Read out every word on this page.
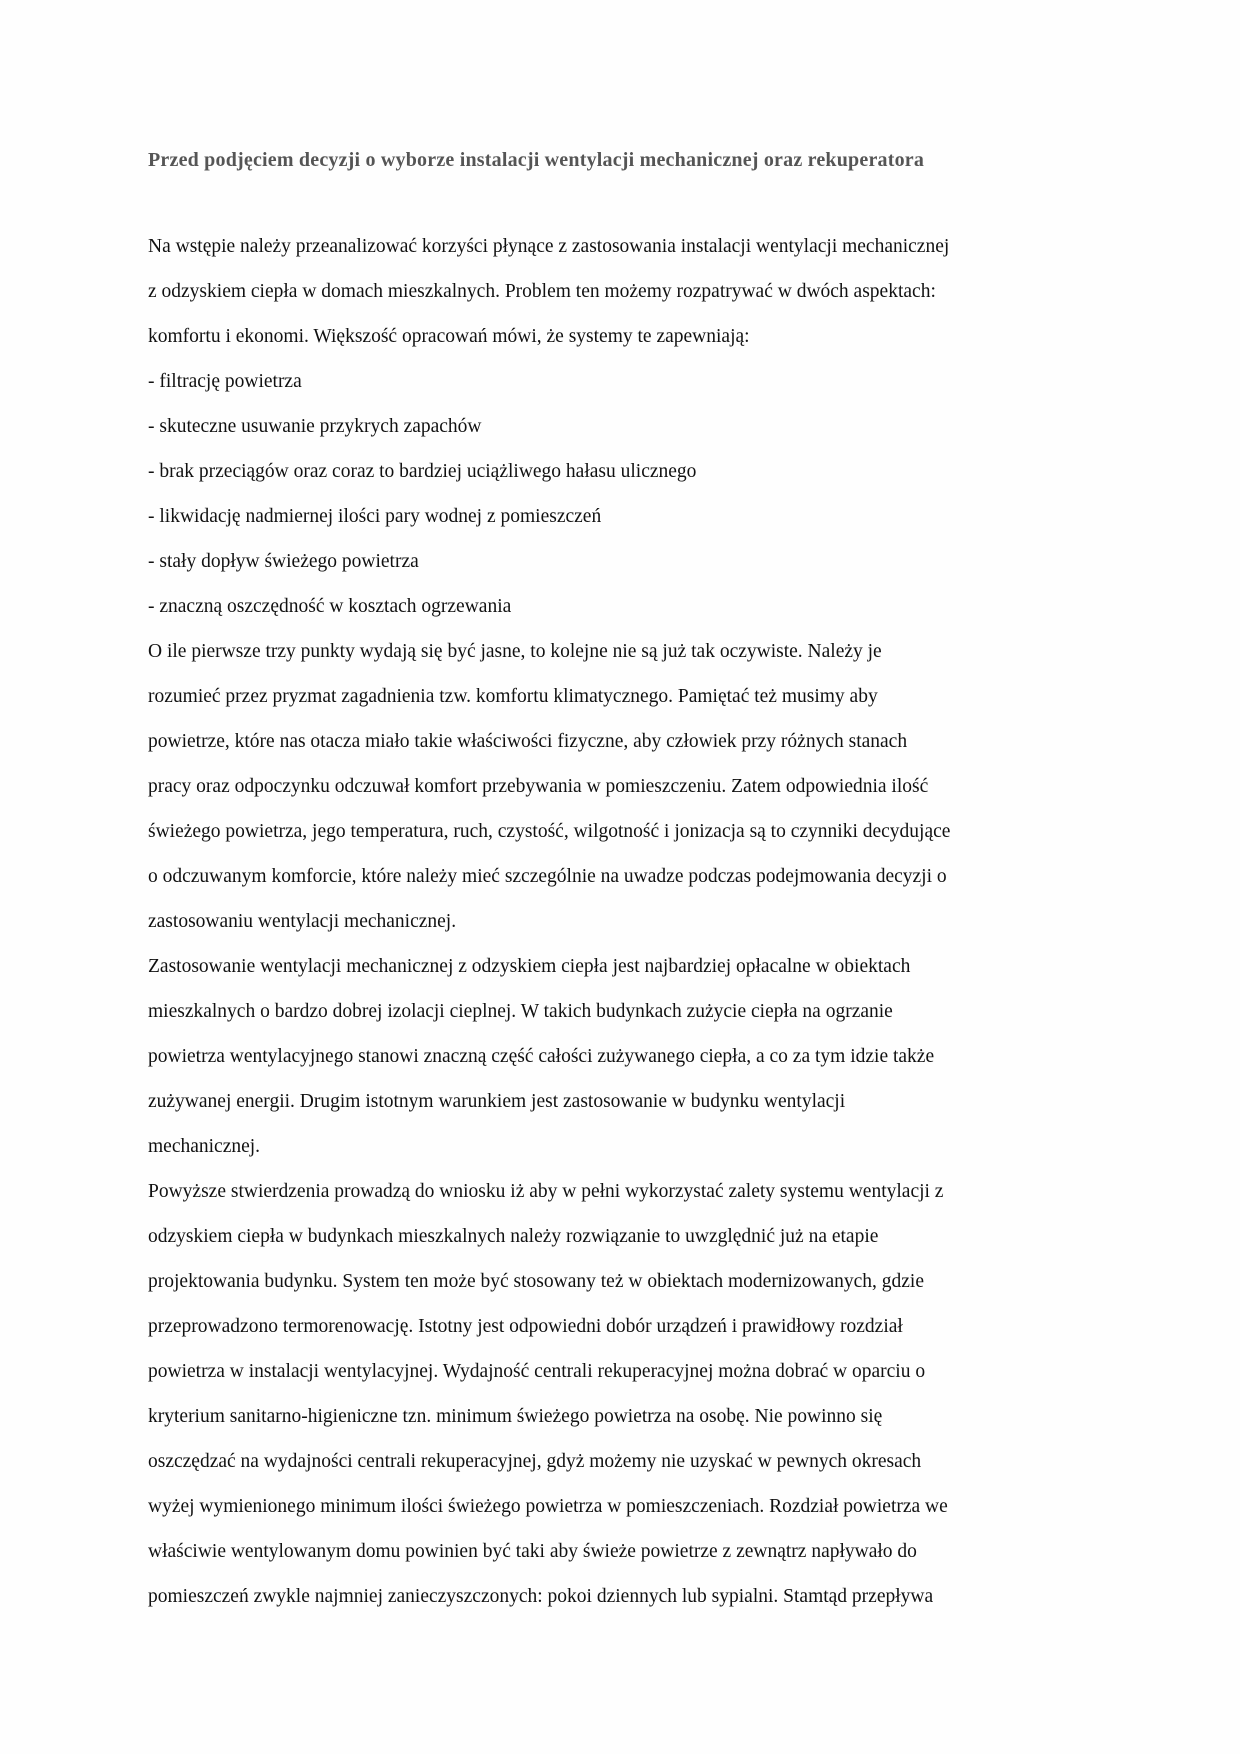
Przed podjęciem decyzji o wyborze instalacji wentylacji mechanicznej oraz rekuperatora
Na wstępie należy przeanalizować korzyści płynące z zastosowania instalacji wentylacji mechanicznej
z odzyskiem ciepła w domach mieszkalnych. Problem ten możemy rozpatrywać w dwóch aspektach:
komfortu i ekonomi. Większość opracowań mówi, że systemy te zapewniają:
- filtrację powietrza
- skuteczne usuwanie przykrych zapachów
- brak przeciągów oraz coraz to bardziej uciążliwego hałasu ulicznego
- likwidację nadmiernej ilości pary wodnej z pomieszczeń
- stały dopływ świeżego powietrza
- znaczną oszczędność w kosztach ogrzewania
O ile pierwsze trzy punkty wydają się być jasne, to kolejne nie są już tak oczywiste. Należy je
rozumieć przez pryzmat zagadnienia tzw. komfortu klimatycznego. Pamiętać też musimy aby
powietrze, które nas otacza miało takie właściwości fizyczne, aby człowiek przy różnych stanach
pracy oraz odpoczynku odczuwał komfort przebywania w pomieszczeniu. Zatem odpowiednia ilość
świeżego powietrza, jego temperatura, ruch, czystość, wilgotność i jonizacja są to czynniki decydujące
o odczuwanym komforcie, które należy mieć szczególnie na uwadze podczas podejmowania decyzji o
zastosowaniu wentylacji mechanicznej.
Zastosowanie wentylacji mechanicznej z odzyskiem ciepła jest najbardziej opłacalne w obiektach
mieszkalnych o bardzo dobrej izolacji cieplnej. W takich budynkach zużycie ciepła na ogrzanie
powietrza wentylacyjnego stanowi znaczną część całości zużywanego ciepła, a co za tym idzie także
zużywanej energii. Drugim istotnym warunkiem jest zastosowanie w budynku wentylacji
mechanicznej.
Powyższe stwierdzenia prowadzą do wniosku iż aby w pełni wykorzystać zalety systemu wentylacji z
odzyskiem ciepła w budynkach mieszkalnych należy rozwiązanie to uwzględnić już na etapie
projektowania budynku. System ten może być stosowany też w obiektach modernizowanych, gdzie
przeprowadzono termorenowację. Istotny jest odpowiedni dobór urządzeń i prawidłowy rozdział
powietrza w instalacji wentylacyjnej. Wydajność centrali rekuperacyjnej można dobrać w oparciu o
kryterium sanitarno-higieniczne tzn. minimum świeżego powietrza na osobę. Nie powinno się
oszczędzać na wydajności centrali rekuperacyjnej, gdyż możemy nie uzyskać w pewnych okresach
wyżej wymienionego minimum ilości świeżego powietrza w pomieszczeniach. Rozdział powietrza we
właściwie wentylowanym domu powinien być taki aby świeże powietrze z zewnątrz napływało do
pomieszczeń zwykle najmniej zanieczyszczonych: pokoi dziennych lub sypialni. Stamtąd przepływa
